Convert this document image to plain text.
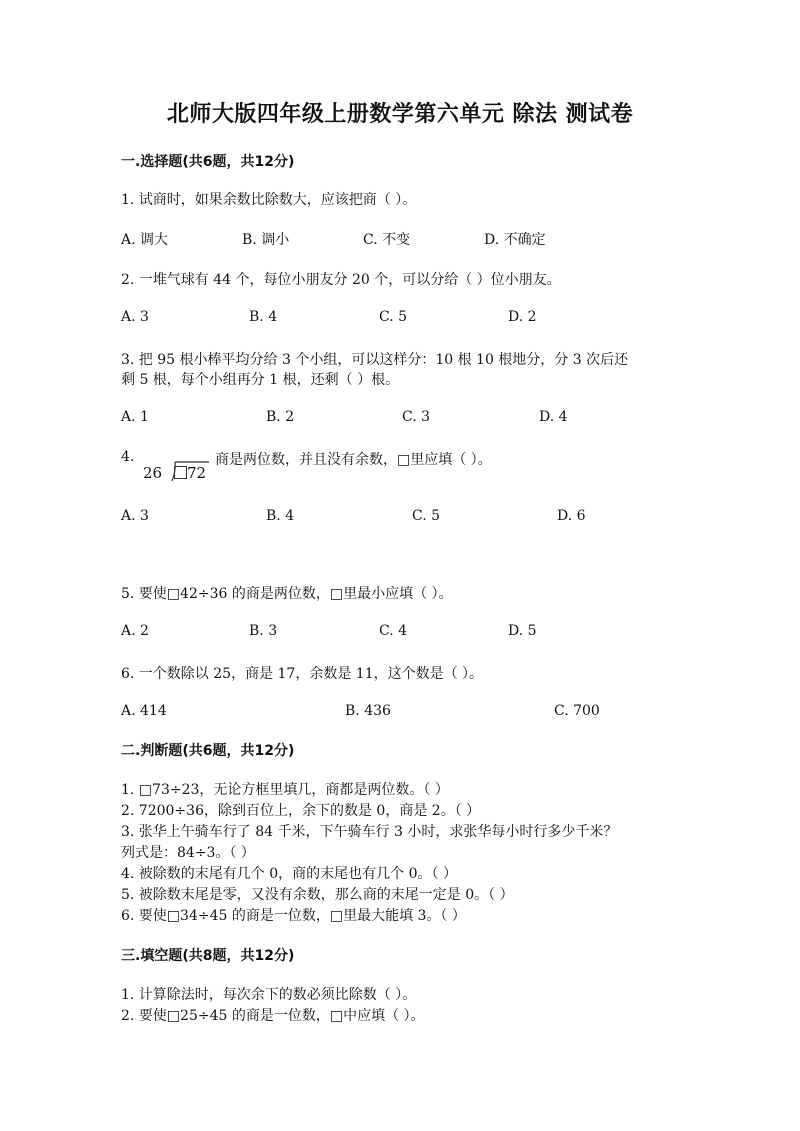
北师大版四年级上册数学第六单元 除法 测试卷
一.选择题(共6题，共12分)
1. 试商时，如果余数比除数大，应该把商（ ）。
A. 调大	B. 调小	C. 不变	D. 不确定
2. 一堆气球有 44 个，每位小朋友分 20 个，可以分给（ ）位小朋友。
A. 3	B. 4	C. 5	D. 2
3. 把 95 根小棒平均分给 3 个小组，可以这样分：10 根 10 根地分，分 3 次后还
剩 5 根，每个小组再分 1 根，还剩（ ）根。
A. 1	B. 2	C. 3	D. 4
4.
26 72
商是两位数，并且没有余数，□里应填（ ）。
A. 3	B. 4	C. 5	D. 6
5. 要使□42÷36 的商是两位数，□里最小应填（ ）。
A. 2	B. 3	C. 4	D. 5
6. 一个数除以 25，商是 17，余数是 11，这个数是（ ）。
A. 414	B. 436	C. 700
二.判断题(共6题，共12分)
1. □73÷23，无论方框里填几，商都是两位数。（ ）
2. 7200÷36，除到百位上，余下的数是 0，商是 2。（ ）
3. 张华上午骑车行了 84 千米，下午骑车行 3 小时，求张华每小时行多少千米？
列式是：84÷3。（ ）
4. 被除数的末尾有几个 0，商的末尾也有几个 0。（ ）
5. 被除数末尾是零，又没有余数，那么商的末尾一定是 0。（ ）
6. 要使□34÷45 的商是一位数，□里最大能填 3。（ ）
三.填空题(共8题，共12分)
1. 计算除法时，每次余下的数必须比除数（ ）。
2. 要使□25÷45 的商是一位数，□中应填（ ）。
